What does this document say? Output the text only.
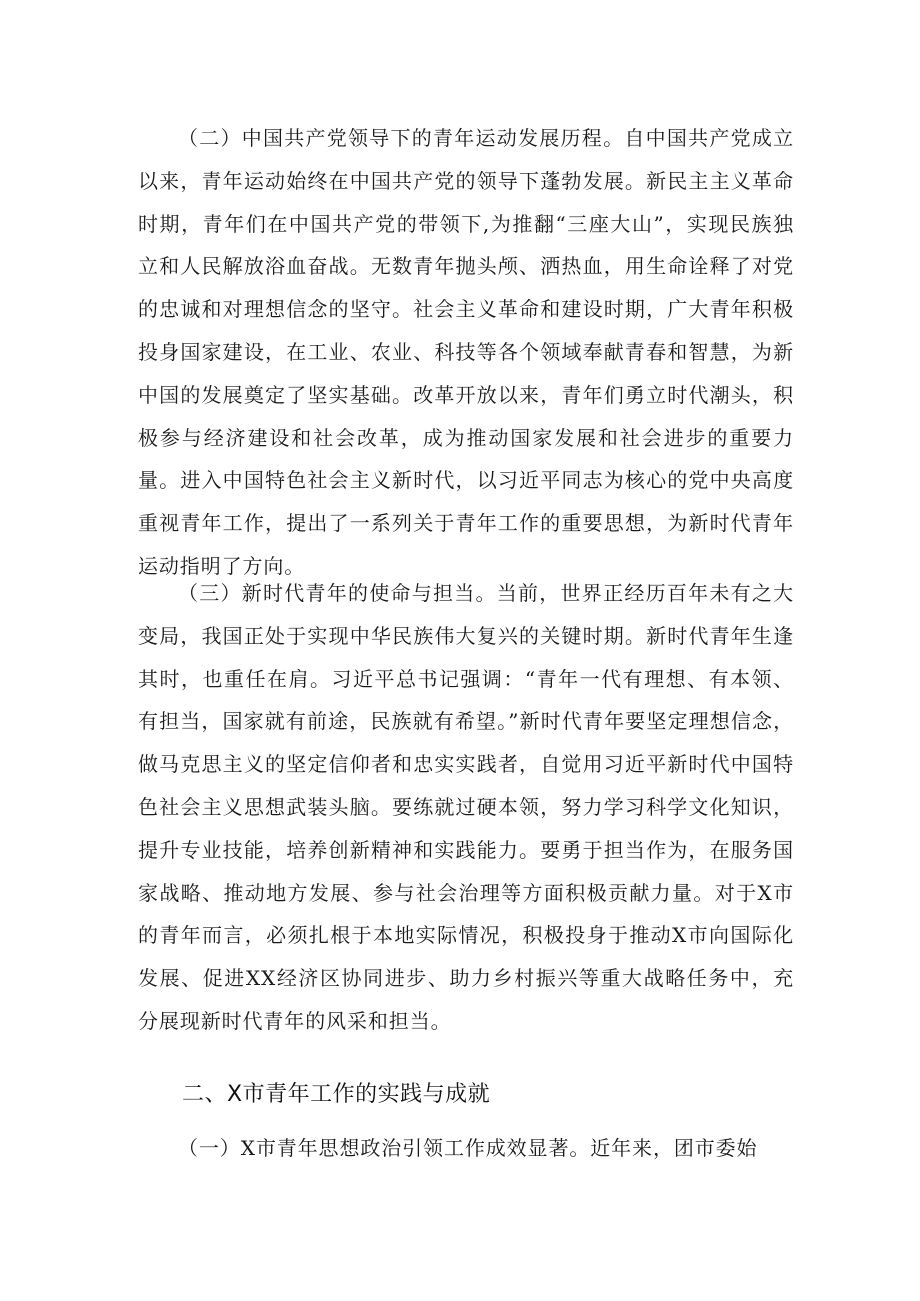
（二）中国共产党领导下的青年运动发展历程。自中国共产党成立以来，青年运动始终在中国共产党的领导下蓬勃发展。新民主主义革命时期，青年们在中国共产党的带领下,为推翻“三座大山”，实现民族独立和人民解放浴血奋战。无数青年抛头颅、洒热血，用生命诠释了对党的忠诚和对理想信念的坚守。社会主义革命和建设时期，广大青年积极投身国家建设，在工业、农业、科技等各个领域奉献青春和智慧，为新中国的发展奠定了坚实基础。改革开放以来，青年们勇立时代潮头，积极参与经济建设和社会改革，成为推动国家发展和社会进步的重要力量。进入中国特色社会主义新时代，以习近平同志为核心的党中央高度重视青年工作，提出了一系列关于青年工作的重要思想，为新时代青年运动指明了方向。

（三）新时代青年的使命与担当。当前，世界正经历百年未有之大变局，我国正处于实现中华民族伟大复兴的关键时期。新时代青年生逢其时，也重任在肩。习近平总书记强调：“青年一代有理想、有本领、有担当，国家就有前途，民族就有希望。”新时代青年要坚定理想信念，做马克思主义的坚定信仰者和忠实实践者，自觉用习近平新时代中国特色社会主义思想武装头脑。要练就过硬本领，努力学习科学文化知识，提升专业技能，培养创新精神和实践能力。要勇于担当作为，在服务国家战略、推动地方发展、参与社会治理等方面积极贡献力量。对于X市的青年而言，必须扎根于本地实际情况，积极投身于推动X市向国际化发展、促进XX经济区协同进步、助力乡村振兴等重大战略任务中，充分展现新时代青年的风采和担当。

二、X市青年工作的实践与成就

（一）X市青年思想政治引领工作成效显著。近年来，团市委始
